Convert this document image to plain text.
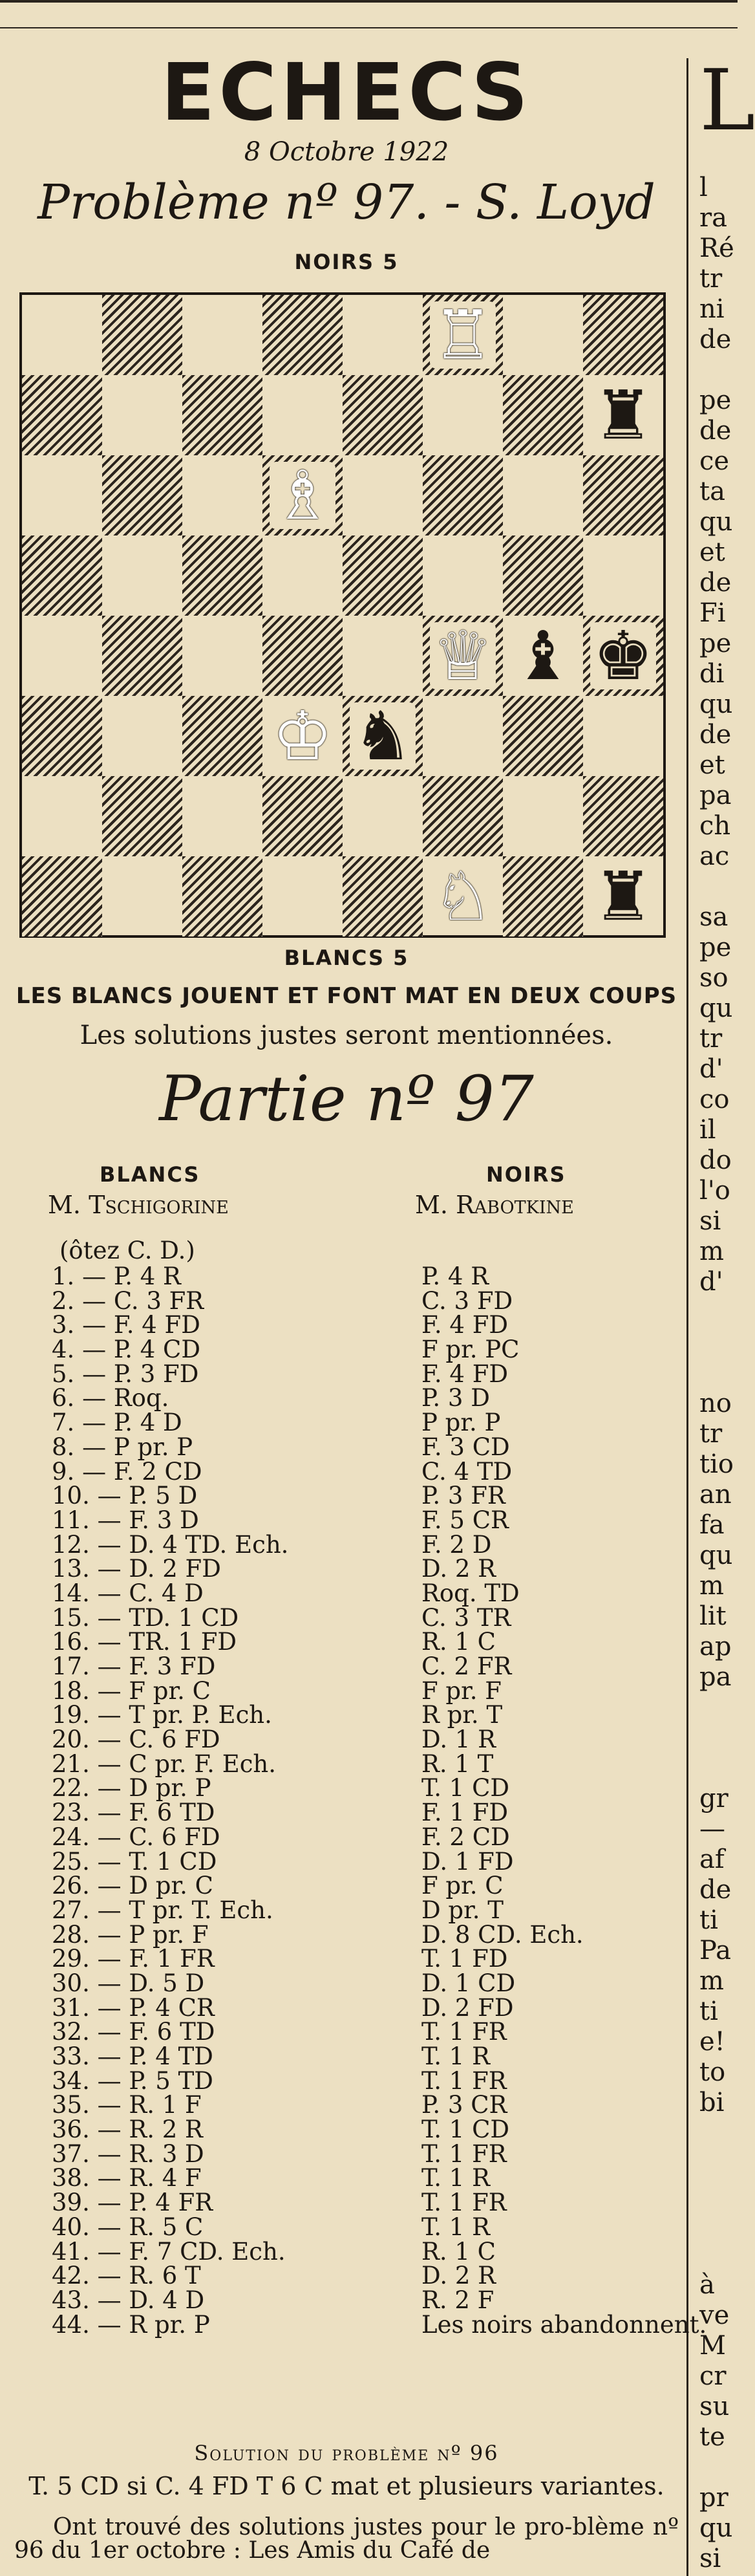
ECHECS
8 Octobre 1922
Problème nº 97. - S. Loyd
NOIRS 5
♖
♜
♗
♕ ♝ ♚
♔ ♞
♘ ♜
BLANCS 5
LES BLANCS JOUENT ET FONT MAT EN DEUX COUPS
Les solutions justes seront mentionnées.
Partie nº 97
BLANCS
M. Tschigorine
NOIRS
M. Rabotkine
(ôtez C. D.)
1. — P. 4 R	P. 4 R
2. — C. 3 FR	C. 3 FD
3. — F. 4 FD	F. 4 FD
4. — P. 4 CD	F pr. PC
5. — P. 3 FD	F. 4 FD
6. — Roq.	P. 3 D
7. — P. 4 D	P pr. P
8. — P pr. P	F. 3 CD
9. — F. 2 CD	C. 4 TD
10. — P. 5 D	P. 3 FR
11. — F. 3 D	F. 5 CR
12. — D. 4 TD. Ech.	F. 2 D
13. — D. 2 FD	D. 2 R
14. — C. 4 D	Roq. TD
15. — TD. 1 CD	C. 3 TR
16. — TR. 1 FD	R. 1 C
17. — F. 3 FD	C. 2 FR
18. — F pr. C	F pr. F
19. — T pr. P. Ech.	R pr. T
20. — C. 6 FD	D. 1 R
21. — C pr. F. Ech.	R. 1 T
22. — D pr. P	T. 1 CD
23. — F. 6 TD	F. 1 FD
24. — C. 6 FD	F. 2 CD
25. — T. 1 CD	D. 1 FD
26. — D pr. C	F pr. C
27. — T pr. T. Ech.	D pr. T
28. — P pr. F	D. 8 CD. Ech.
29. — F. 1 FR	T. 1 FD
30. — D. 5 D	D. 1 CD
31. — P. 4 CR	D. 2 FD
32. — F. 6 TD	T. 1 FR
33. — P. 4 TD	T. 1 R
34. — P. 5 TD	T. 1 FR
35. — R. 1 F	P. 3 CR
36. — R. 2 R	T. 1 CD
37. — R. 3 D	T. 1 FR
38. — R. 4 F	T. 1 R
39. — P. 4 FR	T. 1 FR
40. — R. 5 C	T. 1 R
41. — F. 7 CD. Ech.	R. 1 C
42. — R. 6 T	D. 2 R
43. — D. 4 D	R. 2 F
44. — R pr. P	Les noirs abandonnent.
Solution du problème nº 96
T. 5 CD si C. 4 FD T 6 C mat et plusieurs variantes.
Ont trouvé des solutions justes pour le pro-blème nº 96 du 1er octobre : Les Amis du Café de
L

l
ra
Ré
tr
ni
de

pe
de
ce
ta
qu
et
de
Fi
pe
di
qu
de
et
pa
ch
ac

sa
pe
so
qu
tr
d'
co
il
do
l'o
si
m
d'

no
tr
tio
an
fa
qu
m
lit
ap
pa

gr
—
af
de
ti
Pa
m
ti
e!
to
bi

à
ve
M
cr
su
te

pr
qu
si
